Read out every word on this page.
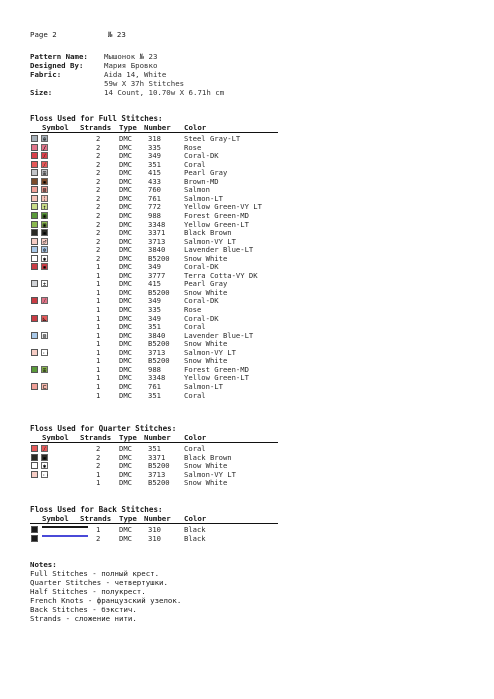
Page 2	№ 23
Pattern Name: Мышонок № 23
Designed By:	Мария Бровко
Fabric:	Aida 14, White
59w X 37h Stitches
Size:	14 Count, 10.70w X 6.71h cm
Floss Used for Full Stitches:
Symbol Strands Type Number Color
⊕	2	DMC 318	Steel Gray-LT
∕	2	DMC 335	Rose
⁄	2	DMC 349	Coral-DK
⁄	2	DMC 351	Coral
⊞	2	DMC 415	Pearl Gray
▪	2	DMC 433	Brown-MD
⊠	2	DMC 760	Salmon
⁞	2	DMC 761	Salmon-LT
↑	2	DMC 772	Yellow Green-VY LT
▣	2	DMC 988	Forest Green-MD
▣	2	DMC 3348	Yellow Green-LT
▪	2	DMC 3371	Black Brown
♂	2	DMC 3713	Salmon-VY LT
⊗	2	DMC 3840	Lavender Blue-LT
✱	2	DMC B5200 Snow White
▪	1	DMC 349	Coral-DK
1	DMC 3777	Terra Cotta-VY DK
±	1	DMC 415	Pearl Gray
1	DMC B5200 Snow White
⁄	1	DMC 349	Coral-DK
1	DMC 335	Rose
⊾	1	DMC 349	Coral-DK
1	DMC 351	Coral
⊠	1	DMC 3840	Lavender Blue-LT
1	DMC B5200 Snow White
··	1	DMC 3713	Salmon-VY LT
1	DMC B5200 Snow White
⊞	1	DMC 988	Forest Green-MD
1	DMC 3348	Yellow Green-LT
⊏	1	DMC 761	Salmon-LT
1	DMC 351	Coral
Floss Used for Quarter Stitches:
Symbol Strands Type Number Color
⁄	2	DMC 351	Coral
▪	2	DMC 3371	Black Brown
✱	2	DMC B5200 Snow White
··	1	DMC 3713	Salmon-VY LT
1	DMC B5200 Snow White
Floss Used for Back Stitches:
Symbol Strands Type Number Color
1	DMC 310	Black
2	DMC 310	Black
Notes:
Full Stitches - полный крест.
Quarter Stitches - четвертушки.
Half Stitches - полукрест.
French Knots - французский узелок.
Back Stitches - бэкстич.
Strands - сложение нити.
